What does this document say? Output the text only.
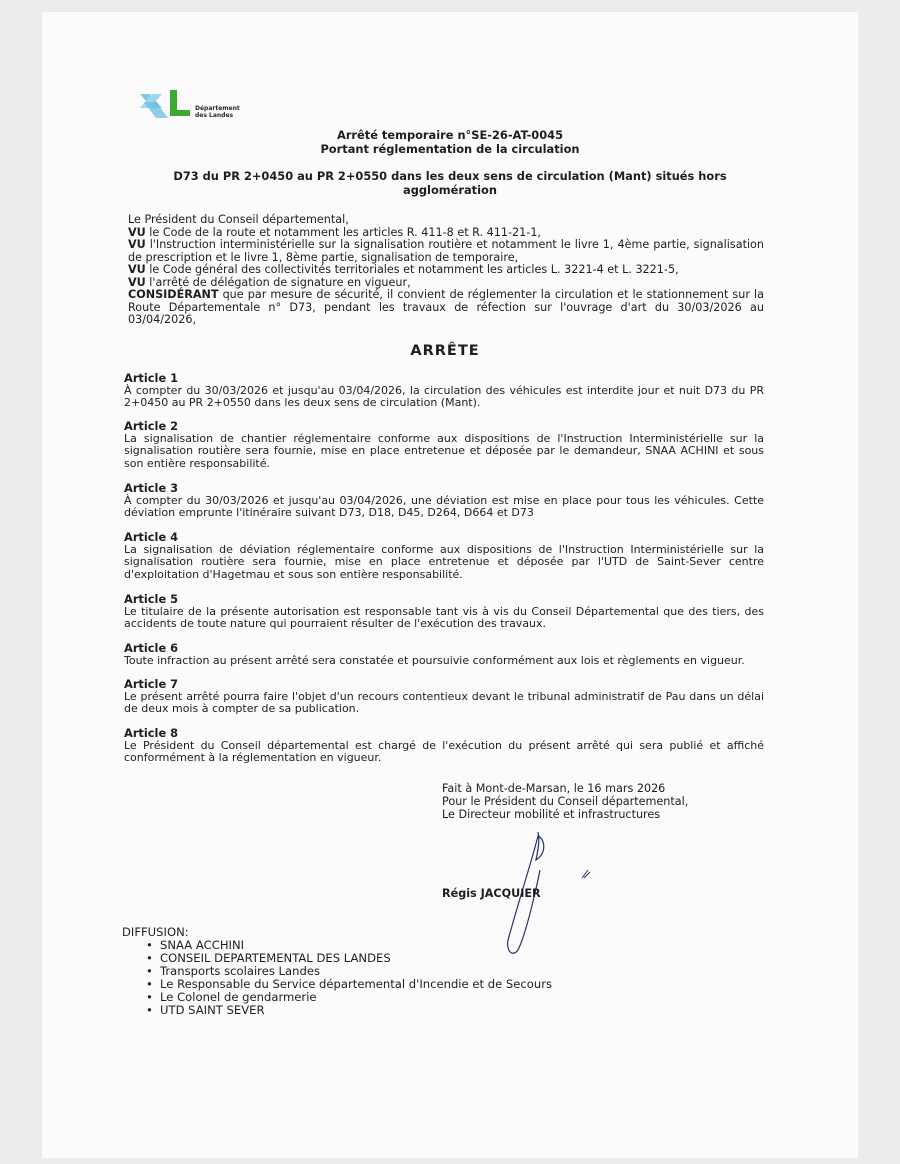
Département
des Landes
Arrêté temporaire n°SE-26-AT-0045
Portant réglementation de la circulation
D73 du PR 2+0450 au PR 2+0550 dans les deux sens de circulation (Mant) situés hors
agglomération
Le Président du Conseil départemental,
VU le Code de la route et notamment les articles R. 411-8 et R. 411-21-1,
VU l'Instruction interministérielle sur la signalisation routière et notamment le livre 1, 4ème partie, signalisation de prescription et le livre 1, 8ème partie, signalisation de temporaire,
VU le Code général des collectivités territoriales et notamment les articles L. 3221-4 et L. 3221-5,
VU l'arrêté de délégation de signature en vigueur,
CONSIDÉRANT que par mesure de sécurité, il convient de réglementer la circulation et le stationnement sur la Route Départementale n° D73, pendant les travaux de réfection sur l'ouvrage d'art du 30/03/2026 au 03/04/2026,
ARRÊTE
Article 1
À compter du 30/03/2026 et jusqu'au 03/04/2026, la circulation des véhicules est interdite jour et nuit D73 du PR 2+0450 au PR 2+0550 dans les deux sens de circulation (Mant).
Article 2
La signalisation de chantier réglementaire conforme aux dispositions de l'Instruction Interministérielle sur la signalisation routière sera fournie, mise en place entretenue et déposée par le demandeur, SNAA ACHINI et sous son entière responsabilité.
Article 3
À compter du 30/03/2026 et jusqu'au 03/04/2026, une déviation est mise en place pour tous les véhicules. Cette déviation emprunte l'itinéraire suivant D73, D18, D45, D264, D664 et D73
Article 4
La signalisation de déviation réglementaire conforme aux dispositions de l'Instruction Interministérielle sur la signalisation routière sera fournie, mise en place entretenue et déposée par l'UTD de Saint-Sever centre d'exploitation d'Hagetmau et sous son entière responsabilité.
Article 5
Le titulaire de la présente autorisation est responsable tant vis à vis du Conseil Départemental que des tiers, des accidents de toute nature qui pourraient résulter de l'exécution des travaux.
Article 6
Toute infraction au présent arrêté sera constatée et poursuivie conformément aux lois et règlements en vigueur.
Article 7
Le présent arrêté pourra faire l'objet d'un recours contentieux devant le tribunal administratif de Pau dans un délai de deux mois à compter de sa publication.
Article 8
Le Président du Conseil départemental est chargé de l'exécution du présent arrêté qui sera publié et affiché conformément à la réglementation en vigueur.
Fait à Mont-de-Marsan, le 16 mars 2026
Pour le Président du Conseil départemental,
Le Directeur mobilité et infrastructures
Régis JACQUIER
DIFFUSION:
• SNAA ACCHINI
• CONSEIL DEPARTEMENTAL DES LANDES
• Transports scolaires Landes
• Le Responsable du Service départemental d'Incendie et de Secours
• Le Colonel de gendarmerie
• UTD SAINT SEVER
